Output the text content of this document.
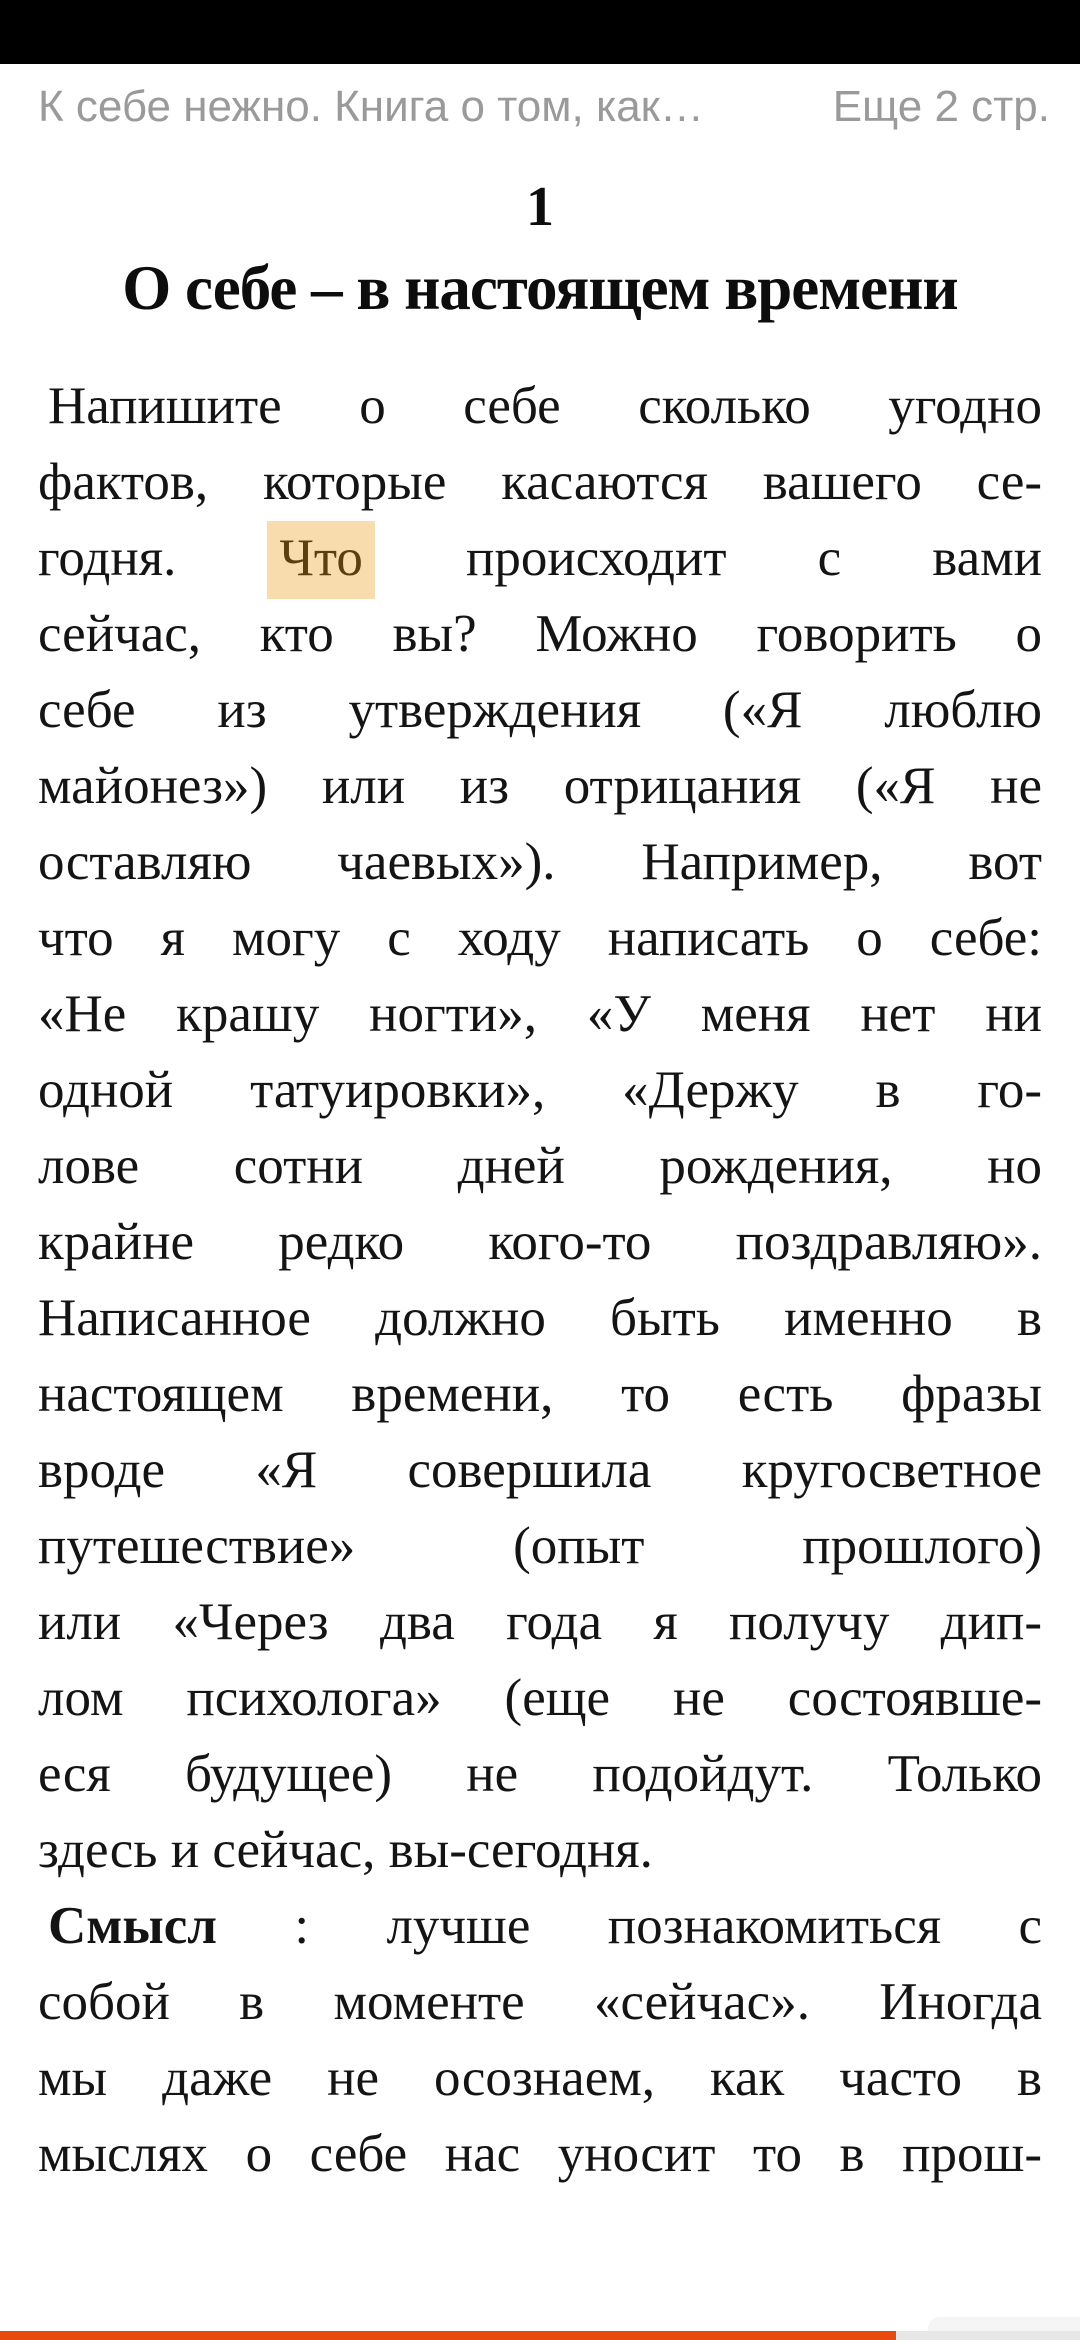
К себе нежно. Книга о том, как…	Еще 2 стр.
1
О себе – в настоящем времени
Напишите о себе сколько угодно
фактов, которые касаются вашего се-
годня. Что происходит с вами
сейчас, кто вы? Можно говорить о
себе из утверждения («Я люблю
майонез») или из отрицания («Я не
оставляю чаевых»). Например, вот
что я могу с ходу написать о себе:
«Не крашу ногти», «У меня нет ни
одной татуировки», «Держу в го-
лове сотни дней рождения, но
крайне редко кого-то поздравляю».
Написанное должно быть именно в
настоящем времени, то есть фразы
вроде «Я совершила кругосветное
путешествие» (опыт прошлого)
или «Через два года я получу дип-
лом психолога» (еще не состоявше-
еся будущее) не подойдут. Только
здесь и сейчас, вы-сегодня.
Смысл : лучше познакомиться с
собой в моменте «сейчас». Иногда
мы даже не осознаем, как часто в
мыслях о себе нас уносит то в прош-
